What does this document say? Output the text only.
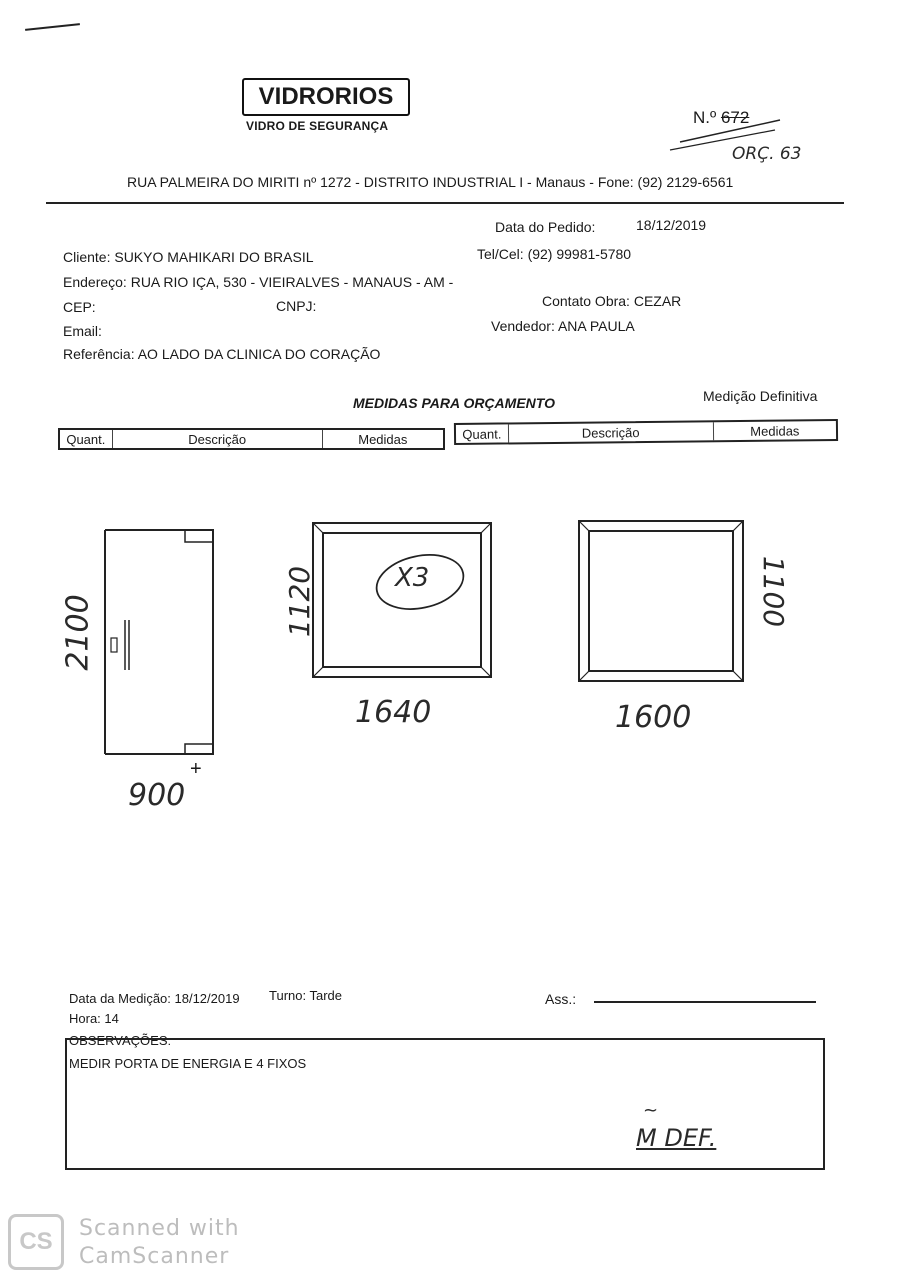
VIDRORIOS
VIDRO DE SEGURANÇA	N.º 672
ORÇ. 63
RUA PALMEIRA DO MIRITI nº 1272 - DISTRITO INDUSTRIAL I - Manaus - Fone: (92) 2129-6561
Data do Pedido:	18/12/2019
Cliente: SUKYO MAHIKARI DO BRASIL	Tel/Cel: (92) 99981-5780
Endereço: RUA RIO IÇA, 530 - VIEIRALVES - MANAUS - AM -
CEP:	CNPJ:	Contato Obra: CEZAR
Email:	Vendedor: ANA PAULA
Referência: AO LADO DA CLINICA DO CORAÇÃO
MEDIDAS PARA ORÇAMENTO	Medição Definitiva
Quant.	Descrição	Medidas	Quant.	Descrição	Medidas
2100
900
+
X3
1120
1640
1100
1600
Data da Medição: 18/12/2019 Turno: Tarde
Hora: 14
Ass.:
OBSERVAÇÕES:
MEDIR PORTA DE ENERGIA E 4 FIXOS
~
M DEF.
CS	Scanned with
CamScanner
